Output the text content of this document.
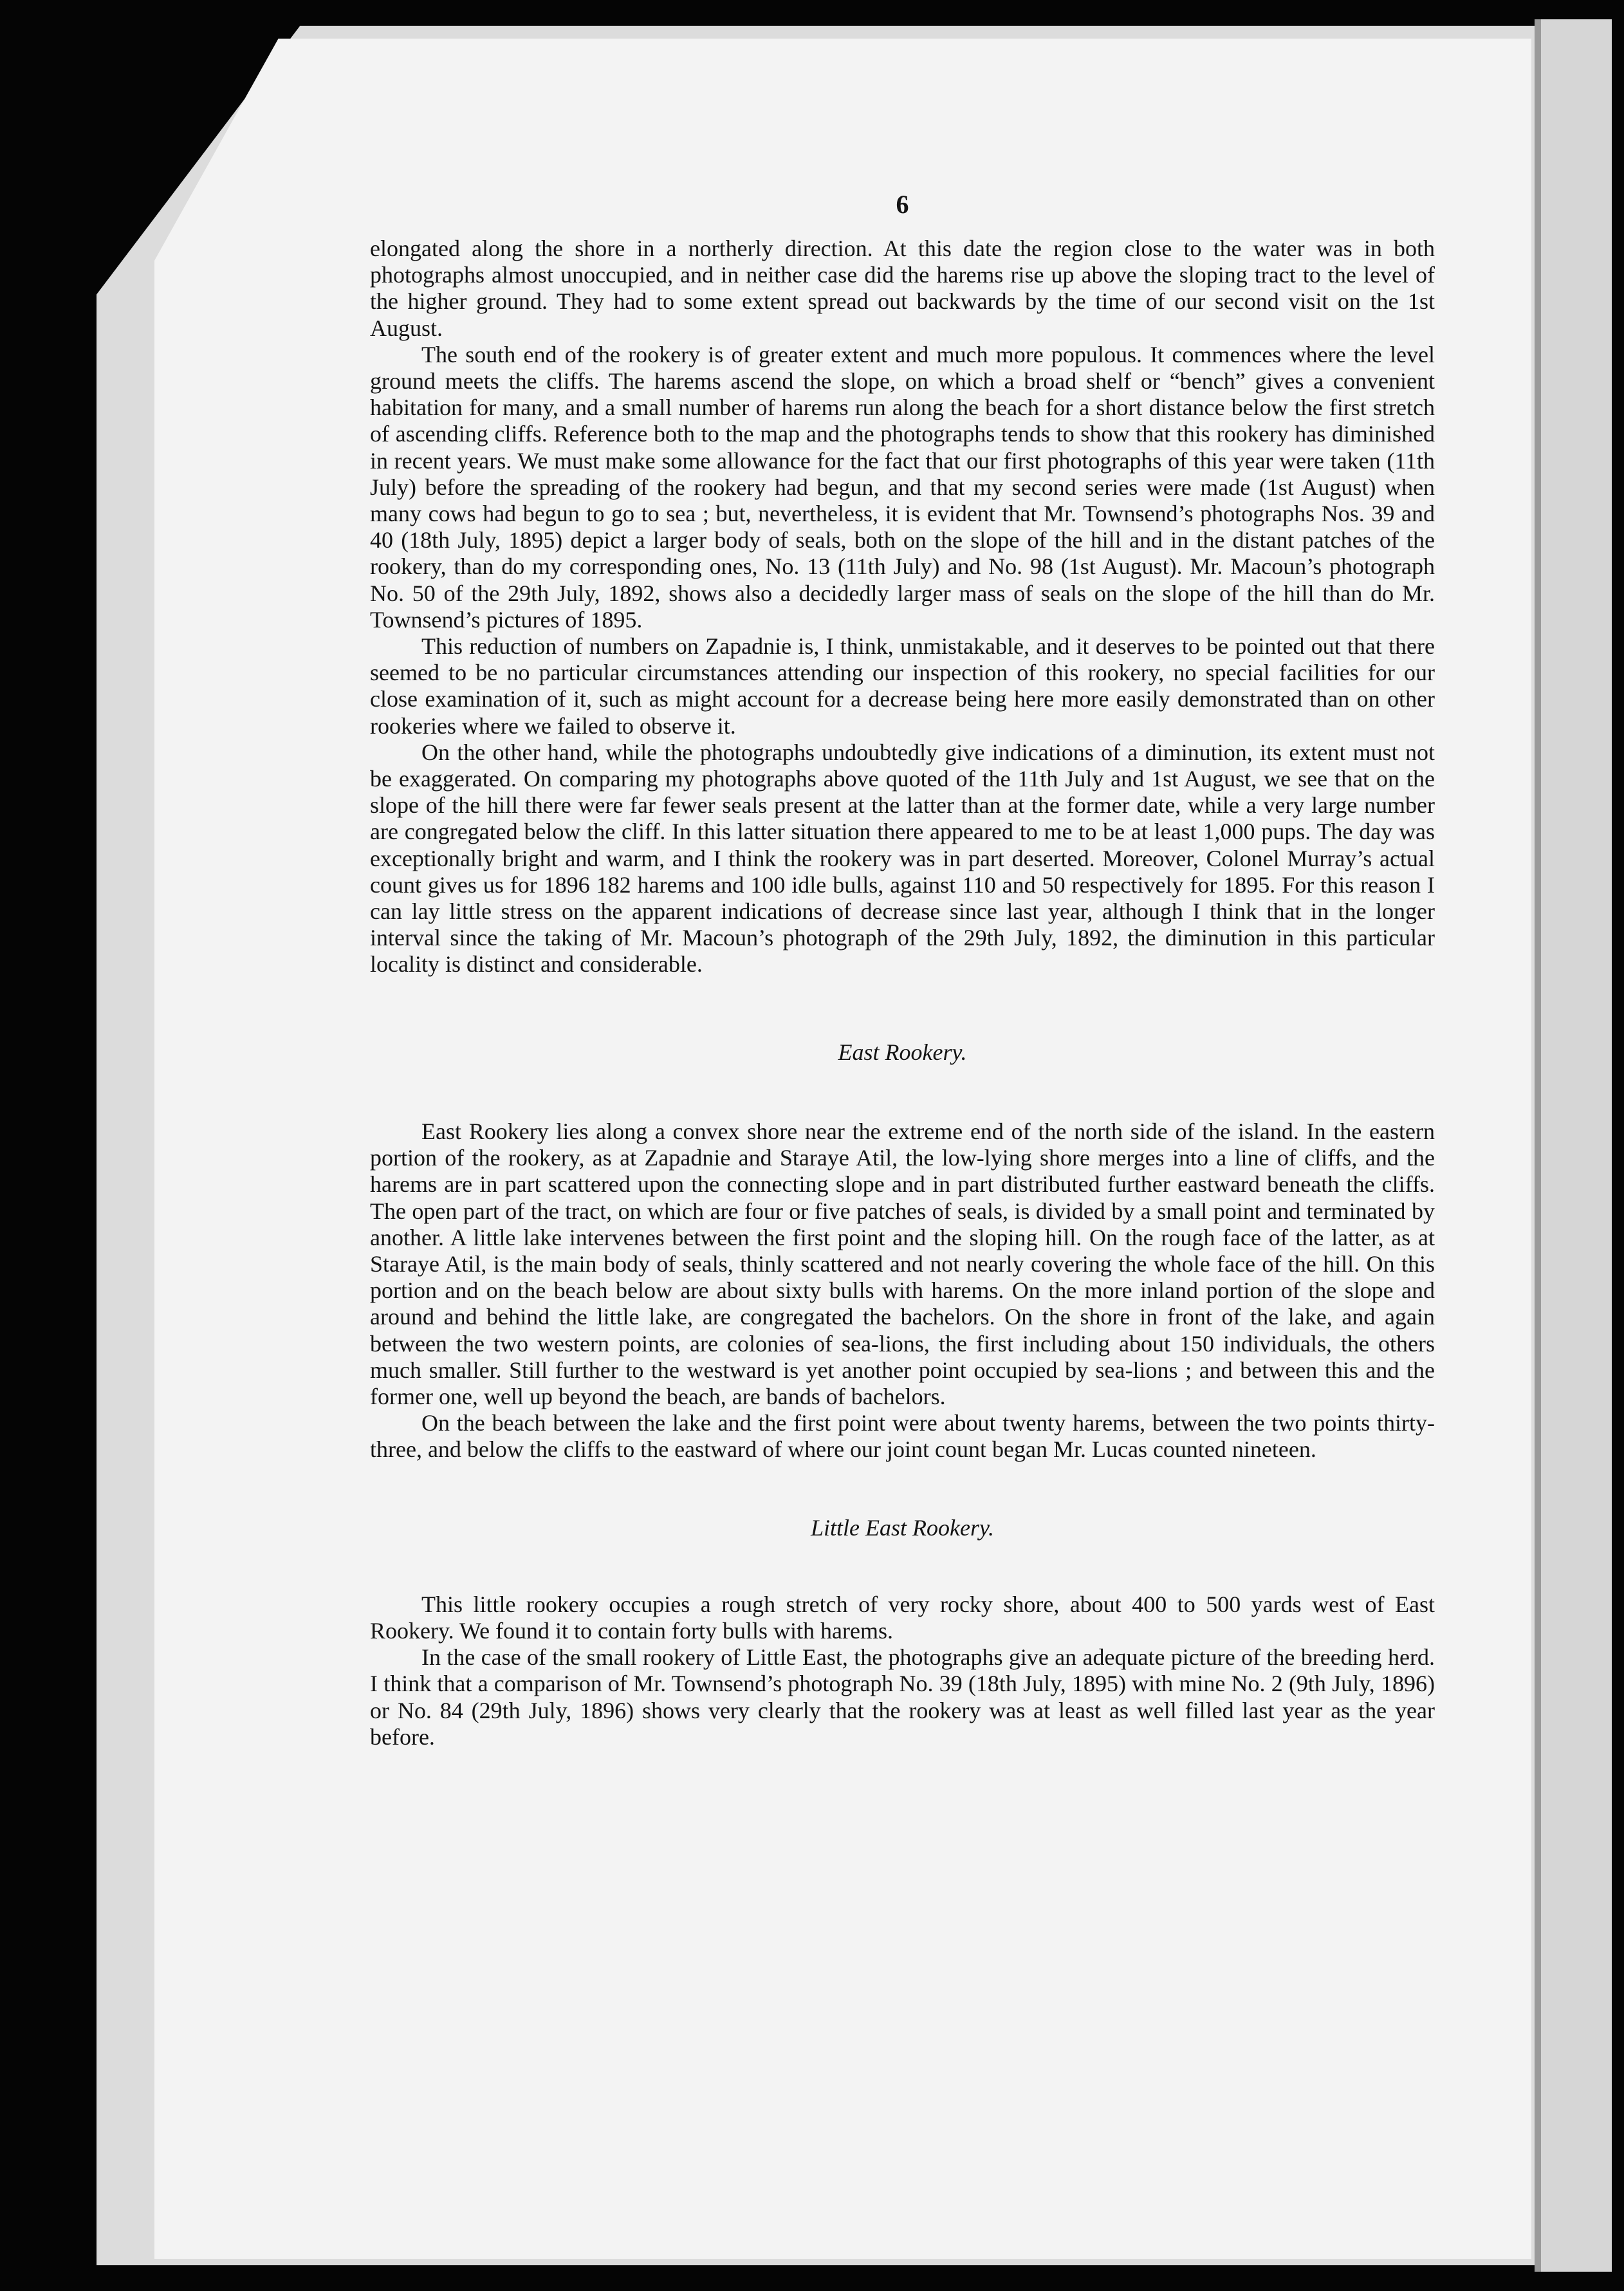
6

elongated along the shore in a northerly direction. At this date the region close to the water was in both photographs almost unoccupied, and in neither case did the harems rise up above the sloping tract to the level of the higher ground. They had to some extent spread out backwards by the time of our second visit on the 1st August.

The south end of the rookery is of greater extent and much more populous. It commences where the level ground meets the cliffs. The harems ascend the slope, on which a broad shelf or “bench” gives a convenient habitation for many, and a small number of harems run along the beach for a short distance below the first stretch of ascending cliffs. Reference both to the map and the photographs tends to show that this rookery has diminished in recent years. We must make some allowance for the fact that our first photographs of this year were taken (11th July) before the spreading of the rookery had begun, and that my second series were made (1st August) when many cows had begun to go to sea ; but, nevertheless, it is evident that Mr. Townsend’s photographs Nos. 39 and 40 (18th July, 1895) depict a larger body of seals, both on the slope of the hill and in the distant patches of the rookery, than do my corresponding ones, No. 13 (11th July) and No. 98 (1st August). Mr. Macoun’s photograph No. 50 of the 29th July, 1892, shows also a decidedly larger mass of seals on the slope of the hill than do Mr. Townsend’s pictures of 1895.

This reduction of numbers on Zapadnie is, I think, unmistakable, and it deserves to be pointed out that there seemed to be no particular circumstances attending our inspection of this rookery, no special facilities for our close examination of it, such as might account for a decrease being here more easily demonstrated than on other rookeries where we failed to observe it.

On the other hand, while the photographs undoubtedly give indications of a diminution, its extent must not be exaggerated. On comparing my photographs above quoted of the 11th July and 1st August, we see that on the slope of the hill there were far fewer seals present at the latter than at the former date, while a very large number are congregated below the cliff. In this latter situation there appeared to me to be at least 1,000 pups. The day was exceptionally bright and warm, and I think the rookery was in part deserted. Moreover, Colonel Murray’s actual count gives us for 1896 182 harems and 100 idle bulls, against 110 and 50 respectively for 1895. For this reason I can lay little stress on the apparent indications of decrease since last year, although I think that in the longer interval since the taking of Mr. Macoun’s photograph of the 29th July, 1892, the diminution in this particular locality is distinct and considerable.

East Rookery.

East Rookery lies along a convex shore near the extreme end of the north side of the island. In the eastern portion of the rookery, as at Zapadnie and Staraye Atil, the low-lying shore merges into a line of cliffs, and the harems are in part scattered upon the connecting slope and in part distributed further eastward beneath the cliffs. The open part of the tract, on which are four or five patches of seals, is divided by a small point and terminated by another. A little lake intervenes between the first point and the sloping hill. On the rough face of the latter, as at Staraye Atil, is the main body of seals, thinly scattered and not nearly covering the whole face of the hill. On this portion and on the beach below are about sixty bulls with harems. On the more inland portion of the slope and around and behind the little lake, are congregated the bachelors. On the shore in front of the lake, and again between the two western points, are colonies of sea-lions, the first including about 150 individuals, the others much smaller. Still further to the westward is yet another point occupied by sea-lions ; and between this and the former one, well up beyond the beach, are bands of bachelors.

On the beach between the lake and the first point were about twenty harems, between the two points thirty-three, and below the cliffs to the eastward of where our joint count began Mr. Lucas counted nineteen.

Little East Rookery.

This little rookery occupies a rough stretch of very rocky shore, about 400 to 500 yards west of East Rookery. We found it to contain forty bulls with harems.

In the case of the small rookery of Little East, the photographs give an adequate picture of the breeding herd. I think that a comparison of Mr. Townsend’s photograph No. 39 (18th July, 1895) with mine No. 2 (9th July, 1896) or No. 84 (29th July, 1896) shows very clearly that the rookery was at least as well filled last year as the year before.
